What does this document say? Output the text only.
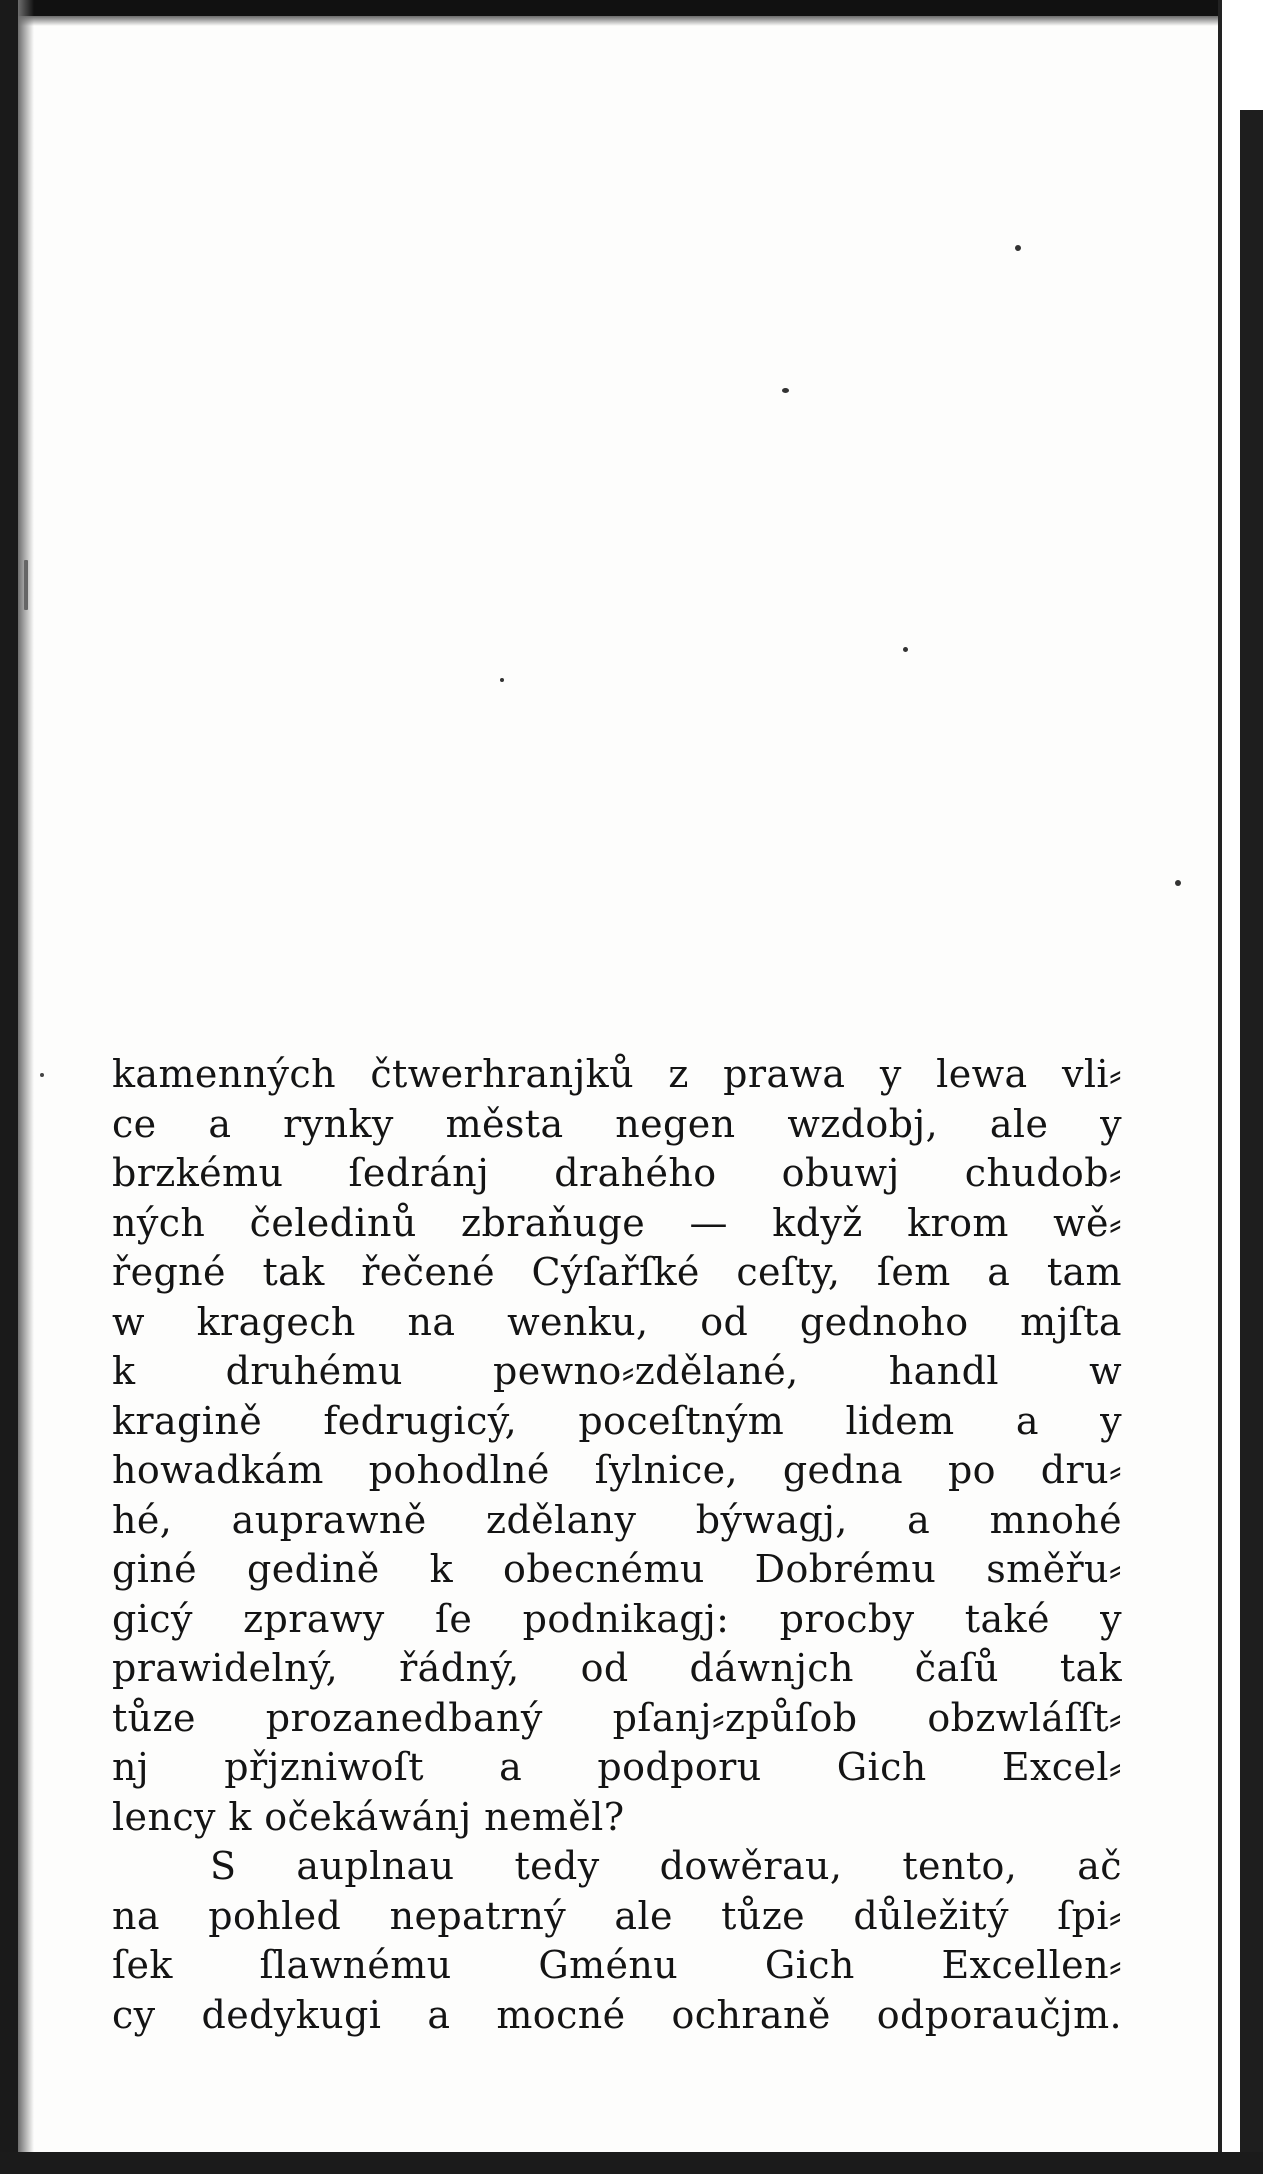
kamenných čtwerhranjků z prawa y lewa vli⸗
ce a rynky města negen wzdobj, ale y
brzkému ſedránj drahého obuwj chudob⸗
ných čeledinů zbraňuge — když krom wě⸗
řegné tak řečené Cýſařſké ceſty, ſem a tam
w kragech na wenku, od gednoho mjſta
k druhému pewno⸗zdělané, handl w
kragině fedrugicý, poceſtným lidem a y
howadkám pohodlné ſylnice, gedna po dru⸗
hé, auprawně zdělany býwagj, a mnohé
giné gedině k obecnému Dobrému směřu⸗
gicý zprawy ſe podnikagj: procby také y
prawidelný, řádný, od dáwnjch čaſů tak
tůze prozanedbaný pſanj⸗způſob obzwláſſt⸗
nj přjzniwoſt a podporu Gich Excel⸗
lency k očekáwánj neměl?
S auplnau tedy dowěrau, tento, ač
na pohled nepatrný ale tůze důležitý ſpi⸗
ſek ſlawnému Gménu Gich Excellen⸗
cy dedykugi a mocné ochraně odporaučjm.
